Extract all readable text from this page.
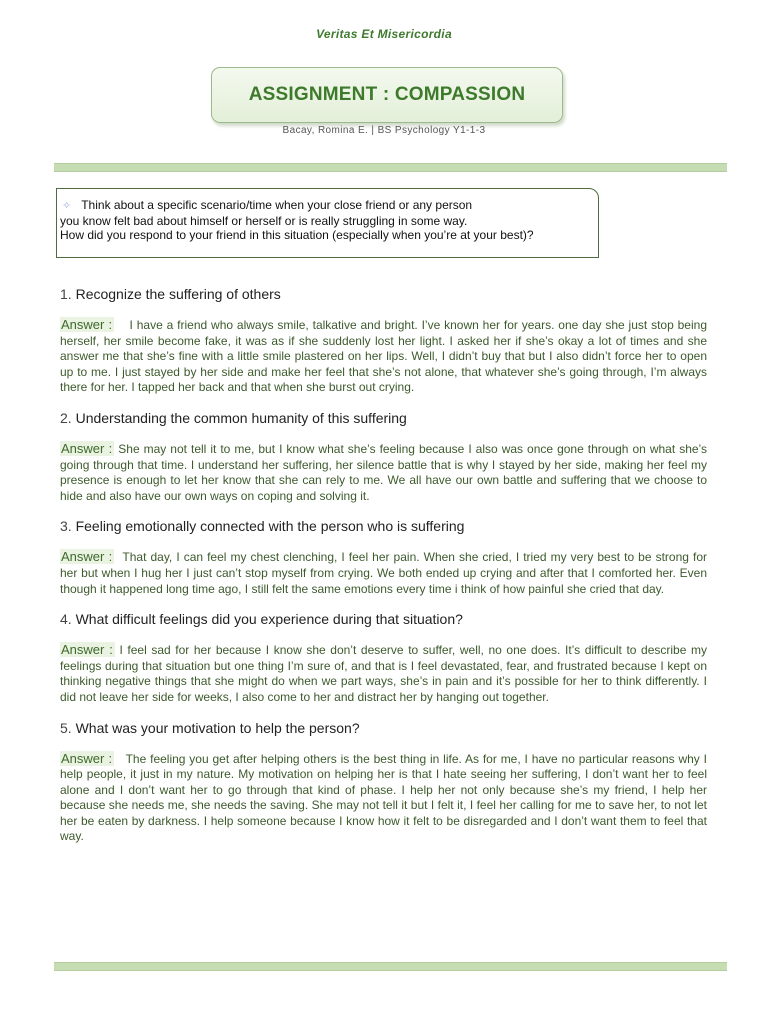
Veritas Et Misericordia
ASSIGNMENT : COMPASSION
Bacay, Romina E. | BS Psychology Y1-1-3
✧ Think about a specific scenario/time when your close friend or any person
you know felt bad about himself or herself or is really struggling in some way.
How did you respond to your friend in this situation (especially when you’re at your best)?
1. Recognize the suffering of others
Answer : I have a friend who always smile, talkative and bright. I’ve known her for years. one day she just stop being herself, her smile become fake, it was as if she suddenly lost her light. I asked her if she’s okay a lot of times and she answer me that she’s fine with a little smile plastered on her lips. Well, I didn’t buy that but I also didn’t force her to open up to me. I just stayed by her side and make her feel that she’s not alone, that whatever she’s going through, I’m always there for her. I tapped her back and that when she burst out crying.
2. Understanding the common humanity of this suffering
Answer : She may not tell it to me, but I know what she’s feeling because I also was once gone through on what she’s going through that time. I understand her suffering, her silence battle that is why I stayed by her side, making her feel my presence is enough to let her know that she can rely to me. We all have our own battle and suffering that we choose to hide and also have our own ways on coping and solving it.
3. Feeling emotionally connected with the person who is suffering
Answer : That day, I can feel my chest clenching, I feel her pain. When she cried, I tried my very best to be strong for her but when I hug her I just can’t stop myself from crying. We both ended up crying and after that I comforted her. Even though it happened long time ago, I still felt the same emotions every time i think of how painful she cried that day.
4. What difficult feelings did you experience during that situation?
Answer : I feel sad for her because I know she don’t deserve to suffer, well, no one does. It’s difficult to describe my feelings during that situation but one thing I’m sure of, and that is I feel devastated, fear, and frustrated because I kept on thinking negative things that she might do when we part ways, she’s in pain and it’s possible for her to think differently. I did not leave her side for weeks, I also come to her and distract her by hanging out together.
5. What was your motivation to help the person?
Answer : The feeling you get after helping others is the best thing in life. As for me, I have no particular reasons why I help people, it just in my nature. My motivation on helping her is that I hate seeing her suffering, I don’t want her to feel alone and I don’t want her to go through that kind of phase. I help her not only because she’s my friend, I help her because she needs me, she needs the saving. She may not tell it but I felt it, I feel her calling for me to save her, to not let her be eaten by darkness. I help someone because I know how it felt to be disregarded and I don’t want them to feel that way.
